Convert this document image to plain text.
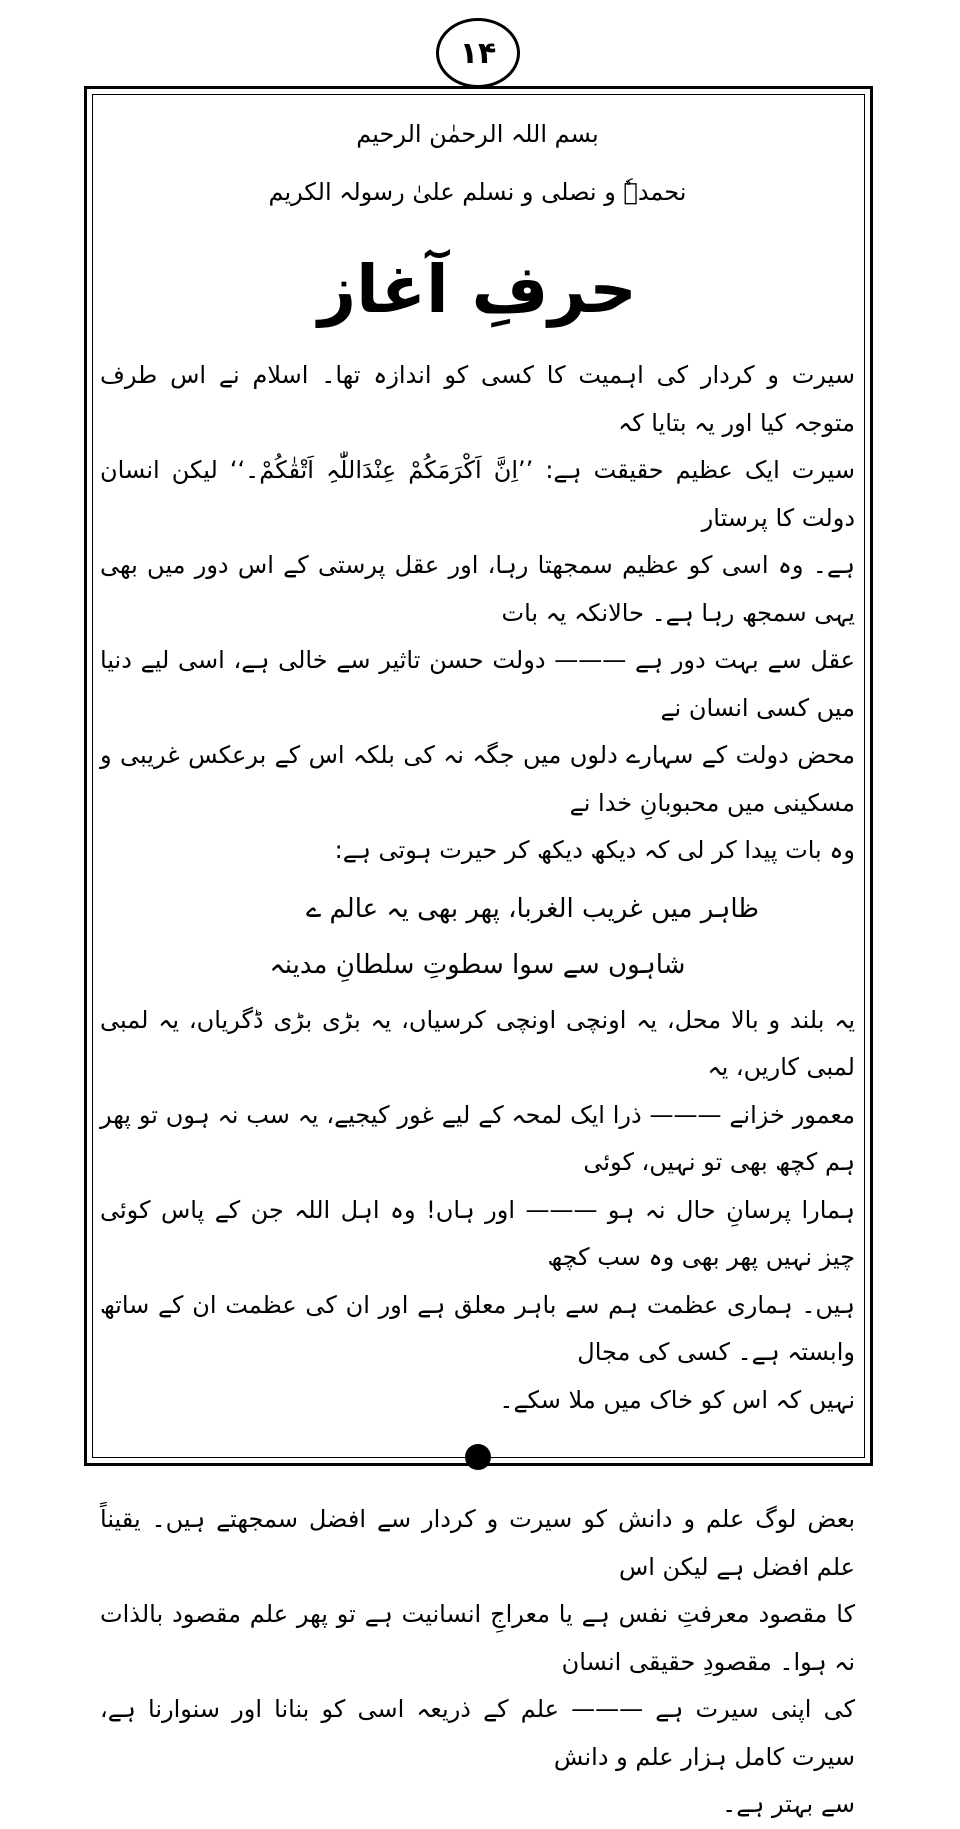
۱۴
بسم اللہ الرحمٰن الرحیم
نحمدہٗ و نصلی و نسلم علیٰ رسولہ الکریم
حرفِ آغاز

سیرت و کردار کی اہمیت کا کسی کو اندازہ تھا۔ اسلام نے اس طرف متوجہ کیا اور یہ بتایا کہ

سیرت ایک عظیم حقیقت ہے: ’’اِنَّ اَکْرَمَکُمْ عِنْدَاللّٰہِ اَتْقٰکُمْ۔‘‘ لیکن انسان دولت کا پرستار

ہے۔ وہ اسی کو عظیم سمجھتا رہا، اور عقل پرستی کے اس دور میں بھی یہی سمجھ رہا ہے۔ حالانکہ یہ بات

عقل سے بہت دور ہے ——— دولت حسن تاثیر سے خالی ہے، اسی لیے دنیا میں کسی انسان نے

محض دولت کے سہارے دلوں میں جگہ نہ کی بلکہ اس کے برعکس غریبی و مسکینی میں محبوبانِ خدا نے

وہ بات پیدا کر لی کہ دیکھ دیکھ کر حیرت ہوتی ہے:

ظاہر میں غریب الغربا، پھر بھی یہ عالم ے
شاہوں سے سوا سطوتِ سلطانِ مدینہ

یہ بلند و بالا محل، یہ اونچی اونچی کرسیاں، یہ بڑی بڑی ڈگریاں، یہ لمبی لمبی کاریں، یہ

معمور خزانے ——— ذرا ایک لمحہ کے لیے غور کیجیے، یہ سب نہ ہوں تو پھر ہم کچھ بھی تو نہیں، کوئی

ہمارا پرسانِ حال نہ ہو ——— اور ہاں! وہ اہل اللہ جن کے پاس کوئی چیز نہیں پھر بھی وہ سب کچھ

ہیں۔ ہماری عظمت ہم سے باہر معلق ہے اور ان کی عظمت ان کے ساتھ وابستہ ہے۔ کسی کی مجال

نہیں کہ اس کو خاک میں ملا سکے۔

بعض لوگ علم و دانش کو سیرت و کردار سے افضل سمجھتے ہیں۔ یقیناً علم افضل ہے لیکن اس

کا مقصود معرفتِ نفس ہے یا معراجِ انسانیت ہے تو پھر علم مقصود بالذات نہ ہوا۔ مقصودِ حقیقی انسان

کی اپنی سیرت ہے ——— علم کے ذریعہ اسی کو بنانا اور سنوارنا ہے، سیرت کامل ہزار علم و دانش

سے بہتر ہے۔
